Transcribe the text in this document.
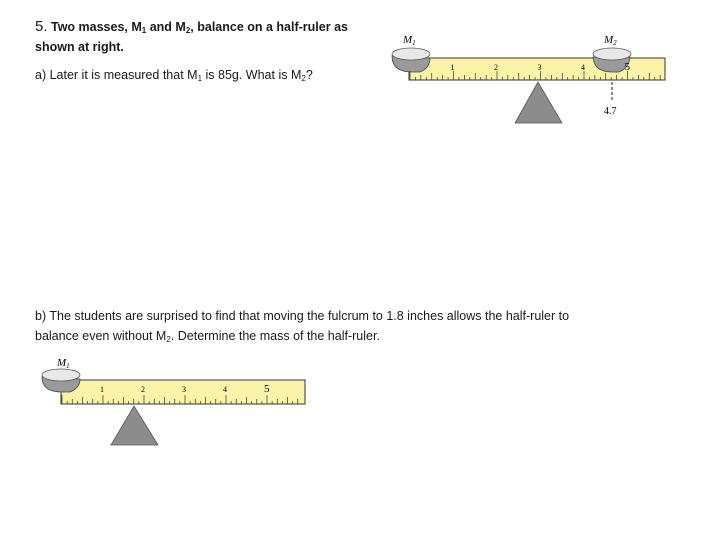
5. Two masses, $M_1$ and $M_2$, balance on a half-ruler as
shown at right.
a) Later it is measured that $M_1$ is 85g. What is $M_2$?
b) The students are surprised to find that moving the fulcrum to 1.8 inches allows the half-ruler to
balance even without $M_2$. Determine the mass of the half-ruler.
M1	M2
4.7
1	2	3	4	5
M1
1	2	3	4	5
